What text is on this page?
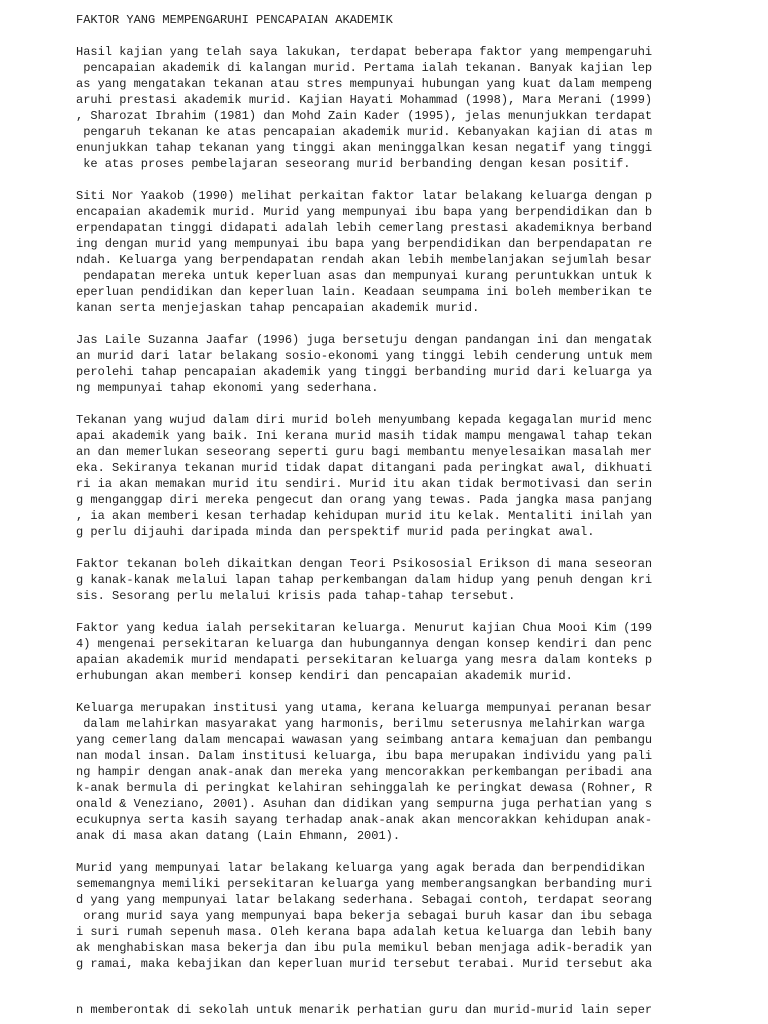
FAKTOR YANG MEMPENGARUHI PENCAPAIAN AKADEMIK

Hasil kajian yang telah saya lakukan, terdapat beberapa faktor yang mempengaruhi
pencapaian akademik di kalangan murid. Pertama ialah tekanan. Banyak kajian lep
as yang mengatakan tekanan atau stres mempunyai hubungan yang kuat dalam mempeng
aruhi prestasi akademik murid. Kajian Hayati Mohammad (1998), Mara Merani (1999)
, Sharozat Ibrahim (1981) dan Mohd Zain Kader (1995), jelas menunjukkan terdapat
pengaruh tekanan ke atas pencapaian akademik murid. Kebanyakan kajian di atas m
enunjukkan tahap tekanan yang tinggi akan meninggalkan kesan negatif yang tinggi
ke atas proses pembelajaran seseorang murid berbanding dengan kesan positif.

Siti Nor Yaakob (1990) melihat perkaitan faktor latar belakang keluarga dengan p
encapaian akademik murid. Murid yang mempunyai ibu bapa yang berpendidikan dan b
erpendapatan tinggi didapati adalah lebih cemerlang prestasi akademiknya berband
ing dengan murid yang mempunyai ibu bapa yang berpendidikan dan berpendapatan re
ndah. Keluarga yang berpendapatan rendah akan lebih membelanjakan sejumlah besar
pendapatan mereka untuk keperluan asas dan mempunyai kurang peruntukkan untuk k
eperluan pendidikan dan keperluan lain. Keadaan seumpama ini boleh memberikan te
kanan serta menjejaskan tahap pencapaian akademik murid.

Jas Laile Suzanna Jaafar (1996) juga bersetuju dengan pandangan ini dan mengatak
an murid dari latar belakang sosio-ekonomi yang tinggi lebih cenderung untuk mem
perolehi tahap pencapaian akademik yang tinggi berbanding murid dari keluarga ya
ng mempunyai tahap ekonomi yang sederhana.

Tekanan yang wujud dalam diri murid boleh menyumbang kepada kegagalan murid menc
apai akademik yang baik. Ini kerana murid masih tidak mampu mengawal tahap tekan
an dan memerlukan seseorang seperti guru bagi membantu menyelesaikan masalah mer
eka. Sekiranya tekanan murid tidak dapat ditangani pada peringkat awal, dikhuati
ri ia akan memakan murid itu sendiri. Murid itu akan tidak bermotivasi dan serin
g menganggap diri mereka pengecut dan orang yang tewas. Pada jangka masa panjang
, ia akan memberi kesan terhadap kehidupan murid itu kelak. Mentaliti inilah yan
g perlu dijauhi daripada minda dan perspektif murid pada peringkat awal.

Faktor tekanan boleh dikaitkan dengan Teori Psikososial Erikson di mana seseoran
g kanak-kanak melalui lapan tahap perkembangan dalam hidup yang penuh dengan kri
sis. Sesorang perlu melalui krisis pada tahap-tahap tersebut.

Faktor yang kedua ialah persekitaran keluarga. Menurut kajian Chua Mooi Kim (199
4) mengenai persekitaran keluarga dan hubungannya dengan konsep kendiri dan penc
apaian akademik murid mendapati persekitaran keluarga yang mesra dalam konteks p
erhubungan akan memberi konsep kendiri dan pencapaian akademik murid.

Keluarga merupakan institusi yang utama, kerana keluarga mempunyai peranan besar
dalam melahirkan masyarakat yang harmonis, berilmu seterusnya melahirkan warga
yang cemerlang dalam mencapai wawasan yang seimbang antara kemajuan dan pembangu
nan modal insan. Dalam institusi keluarga, ibu bapa merupakan individu yang pali
ng hampir dengan anak-anak dan mereka yang mencorakkan perkembangan peribadi ana
k-anak bermula di peringkat kelahiran sehinggalah ke peringkat dewasa (Rohner, R
onald & Veneziano, 2001). Asuhan dan didikan yang sempurna juga perhatian yang s
ecukupnya serta kasih sayang terhadap anak-anak akan mencorakkan kehidupan anak-
anak di masa akan datang (Lain Ehmann, 2001).

Murid yang mempunyai latar belakang keluarga yang agak berada dan berpendidikan
sememangnya memiliki persekitaran keluarga yang memberangsangkan berbanding muri
d yang yang mempunyai latar belakang sederhana. Sebagai contoh, terdapat seorang
orang murid saya yang mempunyai bapa bekerja sebagai buruh kasar dan ibu sebaga
i suri rumah sepenuh masa. Oleh kerana bapa adalah ketua keluarga dan lebih bany
ak menghabiskan masa bekerja dan ibu pula memikul beban menjaga adik-beradik yan
g ramai, maka kebajikan dan keperluan murid tersebut terabai. Murid tersebut aka

n memberontak di sekolah untuk menarik perhatian guru dan murid-murid lain seper
